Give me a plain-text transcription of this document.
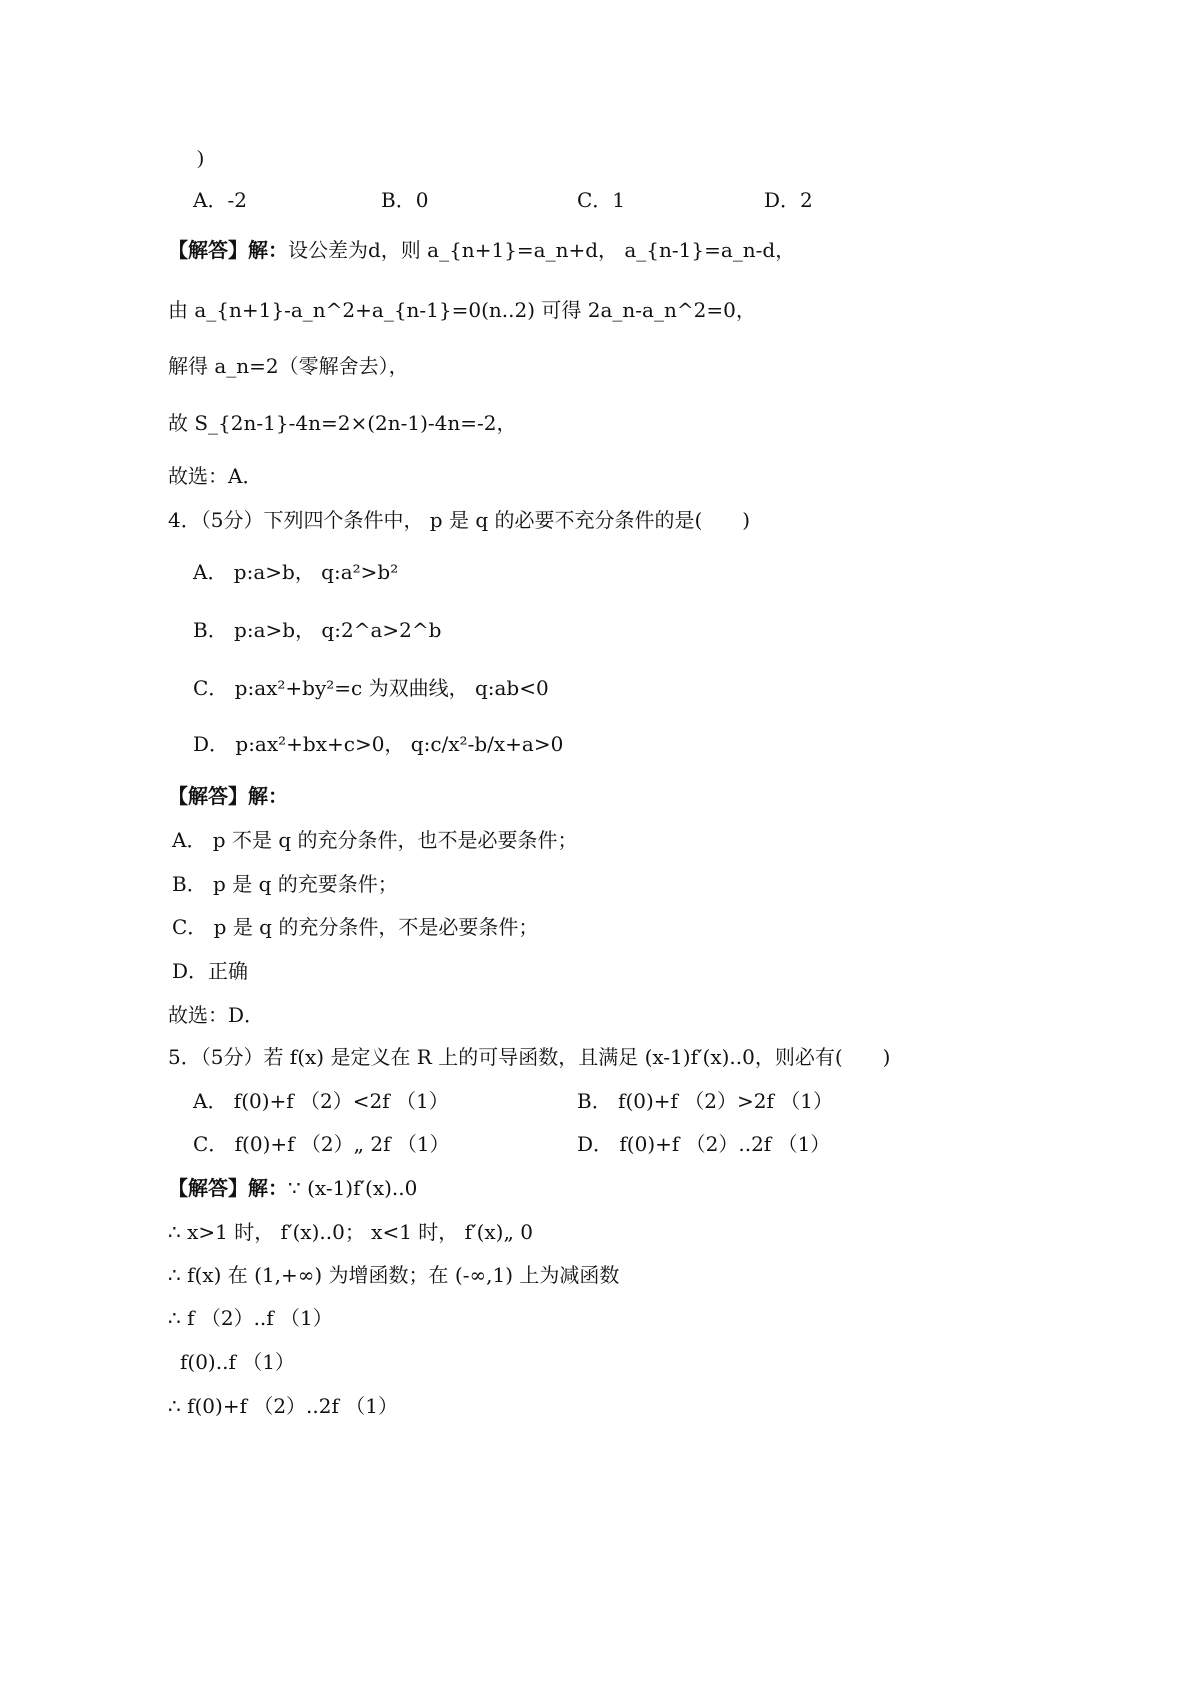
)
A．-2	B．0	C．1	D．2
【解答】解：设公差为d，则 a_{n+1}=a_n+d， a_{n-1}=a_n-d，
由 a_{n+1}-a_n^2+a_{n-1}=0(n..2) 可得 2a_n-a_n^2=0，
解得 a_n=2（零解舍去），
故 S_{2n-1}-4n=2×(2n-1)-4n=-2，
故选：A．
4．（5分）下列四个条件中， p 是 q 的必要不充分条件的是(　　)
A． p:a>b， q:a²>b²
B． p:a>b， q:2^a>2^b
C． p:ax²+by²=c 为双曲线， q:ab<0
D． p:ax²+bx+c>0， q:c/x²-b/x+a>0
【解答】解：
A． p 不是 q 的充分条件，也不是必要条件；
B． p 是 q 的充要条件；
C． p 是 q 的充分条件，不是必要条件；
D．正确
故选：D．
5．（5分）若 f(x) 是定义在 R 上的可导函数，且满足 (x-1)f′(x)..0，则必有(　　)
A． f(0)+f （2）<2f （1）	B． f(0)+f （2）>2f （1）
C． f(0)+f （2）„ 2f （1）	D． f(0)+f （2）..2f （1）
【解答】解：∵ (x-1)f′(x)..0
∴ x>1 时， f′(x)..0； x<1 时， f′(x)„ 0
∴ f(x) 在 (1,+∞) 为增函数；在 (-∞,1) 上为减函数
∴ f （2）..f （1）
f(0)..f （1）
∴ f(0)+f （2）..2f （1）
